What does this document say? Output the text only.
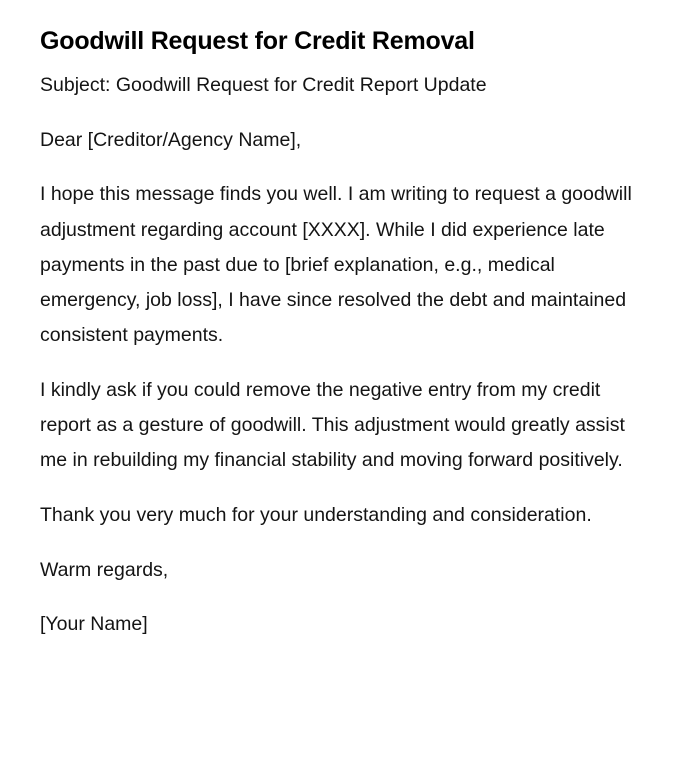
Goodwill Request for Credit Removal

Subject: Goodwill Request for Credit Report Update

Dear [Creditor/Agency Name],

I hope this message finds you well. I am writing to request a goodwill adjustment regarding account [XXXX]. While I did experience late payments in the past due to [brief explanation, e.g., medical emergency, job loss], I have since resolved the debt and maintained consistent payments.

I kindly ask if you could remove the negative entry from my credit report as a gesture of goodwill. This adjustment would greatly assist me in rebuilding my financial stability and moving forward positively.

Thank you very much for your understanding and consideration.

Warm regards,

[Your Name]
